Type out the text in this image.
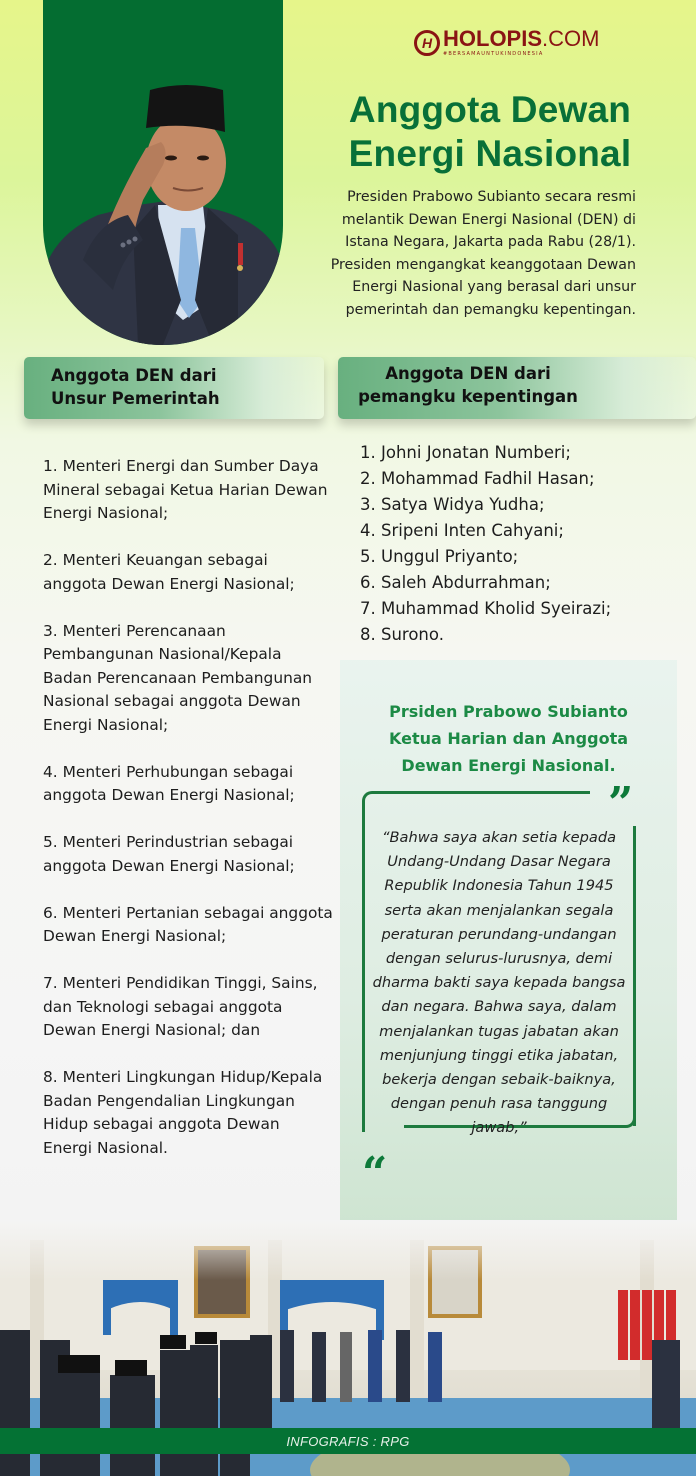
H HOLOPIS.COM
#BERSAMAUNTUKINDONESIA
Anggota Dewan
Energi Nasional

Presiden Prabowo Subianto secara resmi melantik Dewan Energi Nasional (DEN) di Istana Negara, Jakarta pada Rabu (28/1). Presiden mengangkat keanggotaan Dewan Energi Nasional yang berasal dari unsur pemerintah dan pemangku kepentingan.

Anggota DEN dari
Unsur Pemerintah
Anggota DEN dari
pemangku kepentingan
1. Menteri Energi dan Sumber Daya Mineral sebagai Ketua Harian Dewan Energi Nasional;
2. Menteri Keuangan sebagai anggota Dewan Energi Nasional;
3. Menteri Perencanaan Pembangunan Nasional/Kepala Badan Perencanaan Pembangunan Nasional sebagai anggota Dewan Energi Nasional;
4. Menteri Perhubungan sebagai anggota Dewan Energi Nasional;
5. Menteri Perindustrian sebagai anggota Dewan Energi Nasional;
6. Menteri Pertanian sebagai anggota Dewan Energi Nasional;
7. Menteri Pendidikan Tinggi, Sains, dan Teknologi sebagai anggota Dewan Energi Nasional; dan
8. Menteri Lingkungan Hidup/Kepala Badan Pengendalian Lingkungan Hidup sebagai anggota Dewan Energi Nasional.
1. Johni Jonatan Numberi;
2. Mohammad Fadhil Hasan;
3. Satya Widya Yudha;
4. Sripeni Inten Cahyani;
5. Unggul Priyanto;
6. Saleh Abdurrahman;
7. Muhammad Kholid Syeirazi;
8. Surono.
Prsiden Prabowo Subianto
Ketua Harian dan Anggota
Dewan Energi Nasional.
”
“

“Bahwa saya akan setia kepada Undang-Undang Dasar Negara Republik Indonesia Tahun 1945 serta akan menjalankan segala peraturan perundang-undangan dengan selurus-lurusnya, demi dharma bakti saya kepada bangsa dan negara. Bahwa saya, dalam menjalankan tugas jabatan akan menjunjung tinggi etika jabatan, bekerja dengan sebaik-baiknya, dengan penuh rasa tanggung jawab,”

INFOGRAFIS : RPG
